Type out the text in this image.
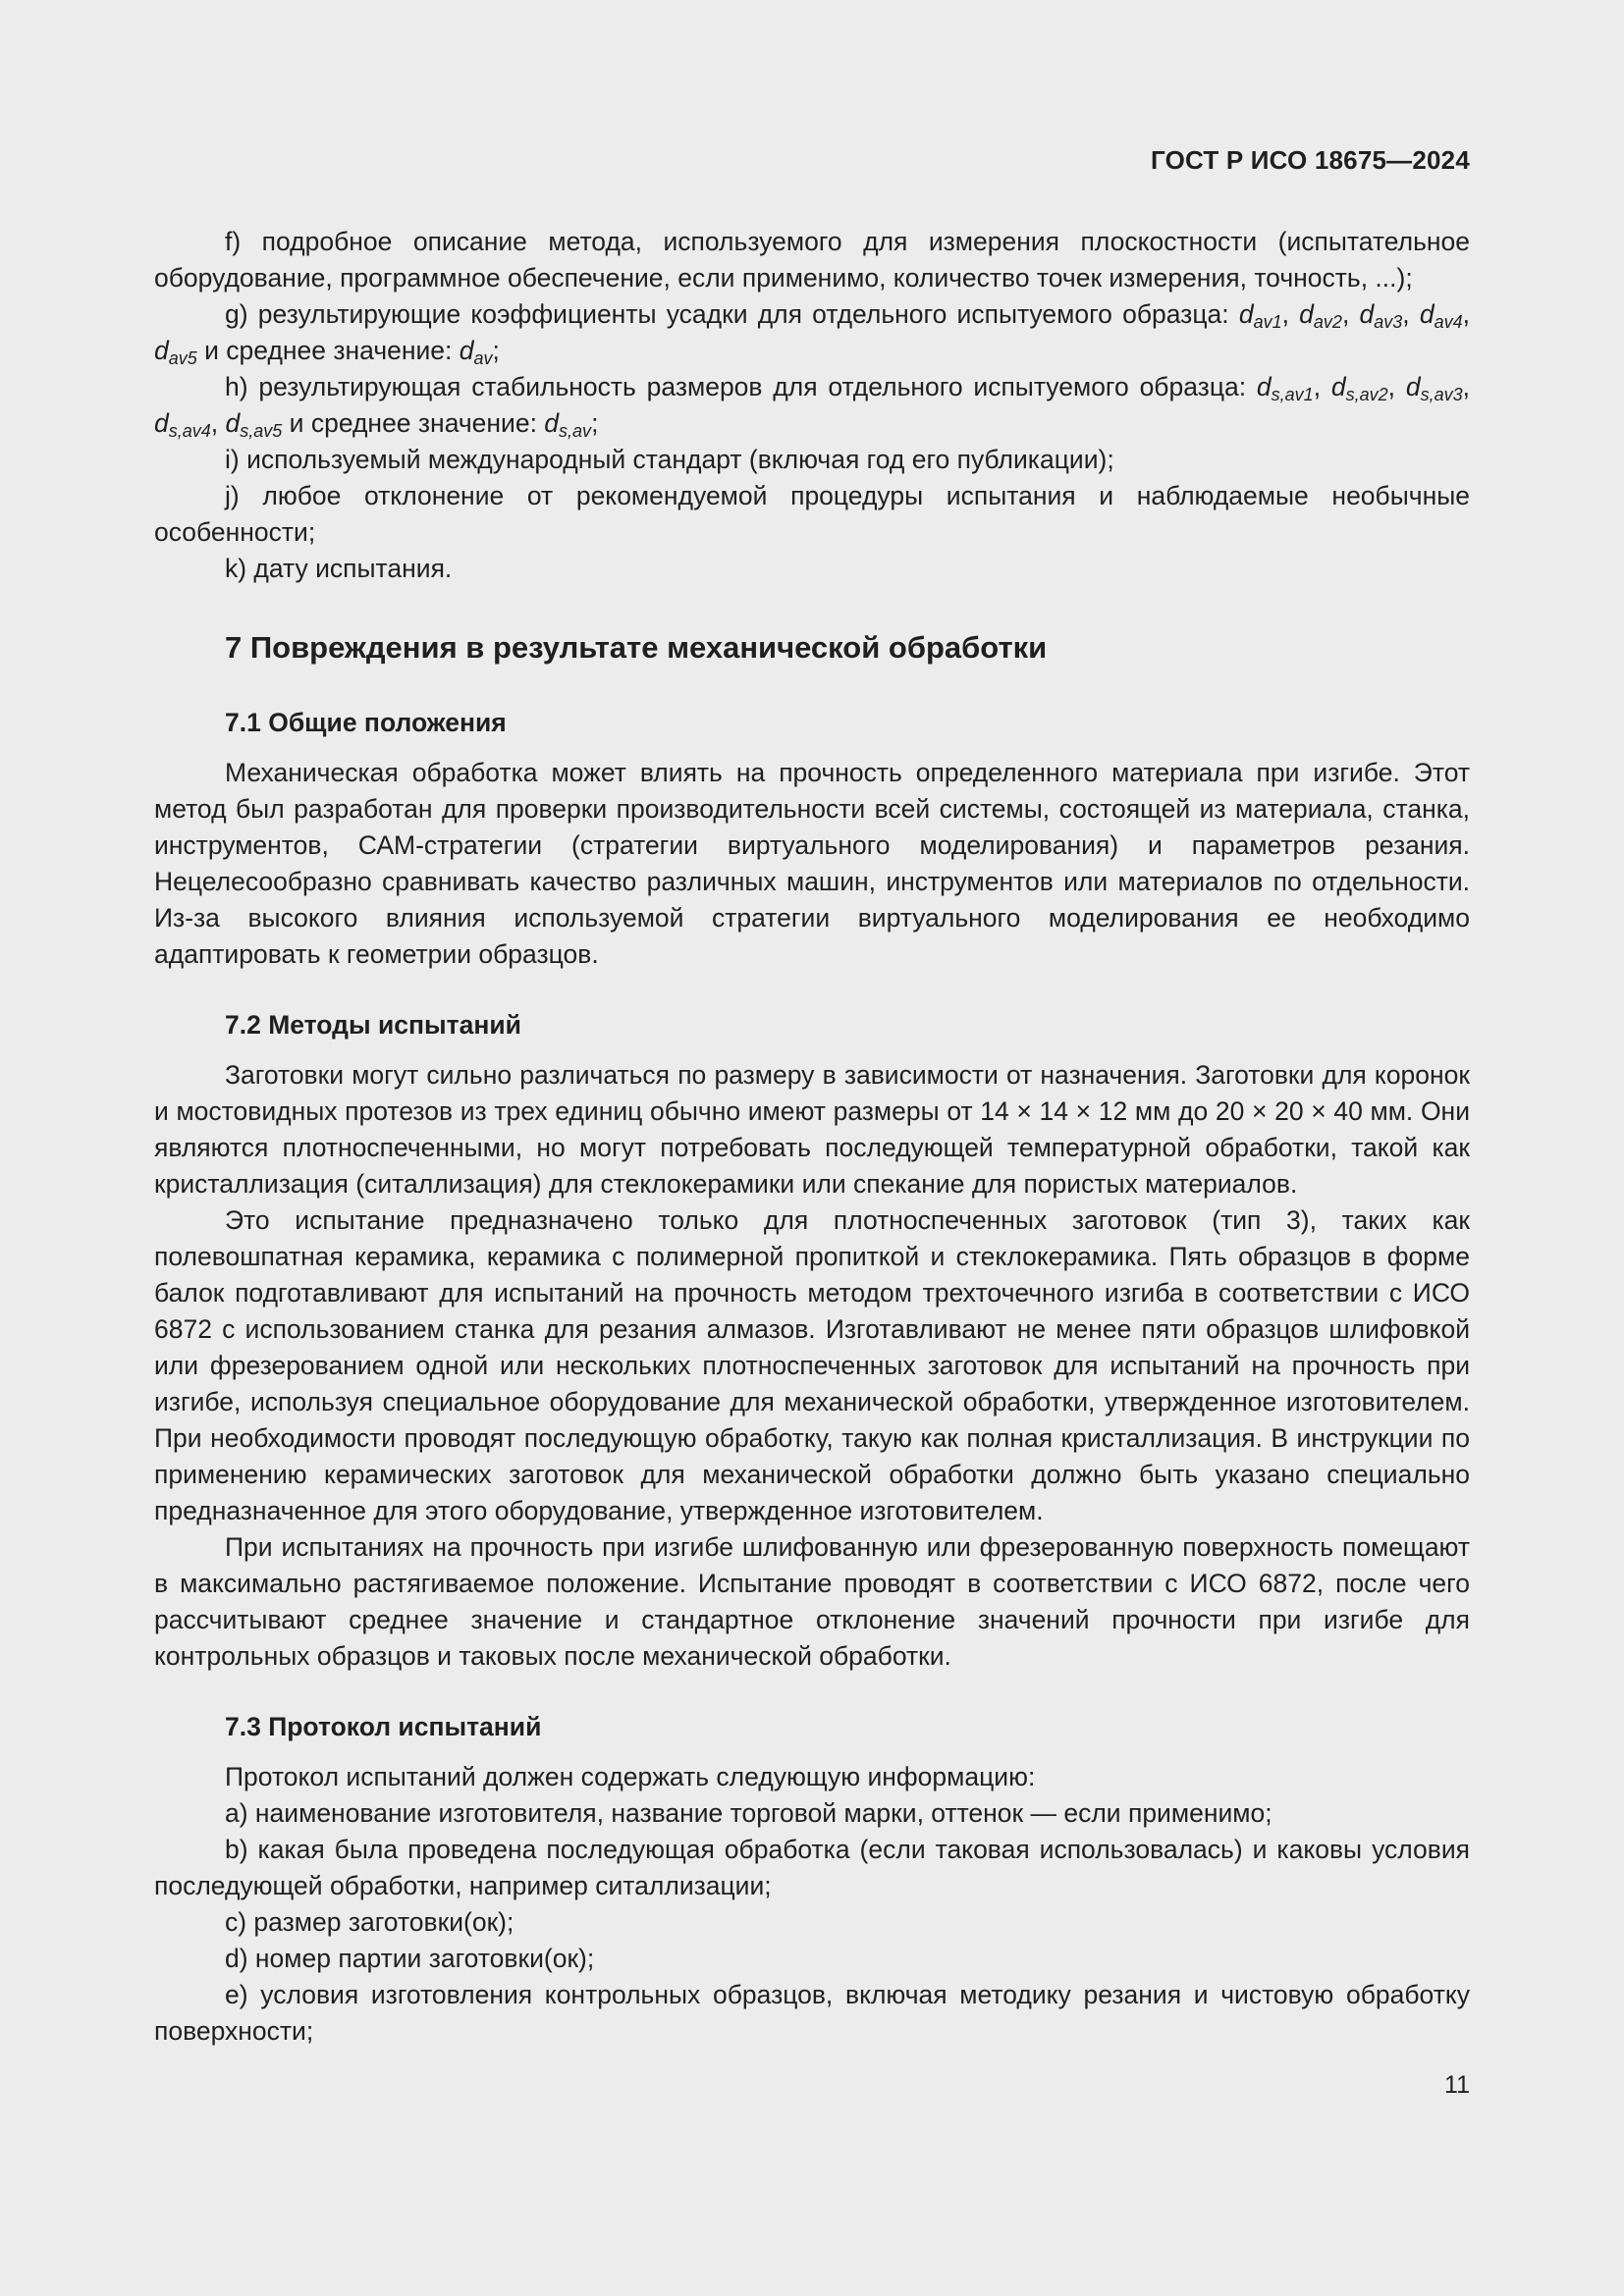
ГОСТ Р ИСО 18675—2024

f) подробное описание метода, используемого для измерения плоскостности (испытательное оборудование, программное обеспечение, если применимо, количество точек измерения, точность, ...);

g) результирующие коэффициенты усадки для отдельного испытуемого образца: $d_{av1}$, $d_{av2}$, $d_{av3}$, $d_{av4}$, $d_{av5}$ и среднее значение: $d_{av}$;

h) результирующая стабильность размеров для отдельного испытуемого образца: $d_{s,av1}$, $d_{s,av2}$, $d_{s,av3}$, $d_{s,av4}$, $d_{s,av5}$ и среднее значение: $d_{s,av}$;

i) используемый международный стандарт (включая год его публикации);

j) любое отклонение от рекомендуемой процедуры испытания и наблюдаемые необычные особенности;

k) дату испытания.

7 Повреждения в результате механической обработки
7.1 Общие положения

Механическая обработка может влиять на прочность определенного материала при изгибе. Этот метод был разработан для проверки производительности всей системы, состоящей из материала, станка, инструментов, САМ-стратегии (стратегии виртуального моделирования) и параметров резания. Нецелесообразно сравнивать качество различных машин, инструментов или материалов по отдельности. Из-за высокого влияния используемой стратегии виртуального моделирования ее необходимо адаптировать к геометрии образцов.

7.2 Методы испытаний

Заготовки могут сильно различаться по размеру в зависимости от назначения. Заготовки для коронок и мостовидных протезов из трех единиц обычно имеют размеры от 14 × 14 × 12 мм до 20 × 20 × 40 мм. Они являются плотноспеченными, но могут потребовать последующей температурной обработки, такой как кристаллизация (ситаллизация) для стеклокерамики или спекание для пористых материалов.

Это испытание предназначено только для плотноспеченных заготовок (тип 3), таких как полевошпатная керамика, керамика с полимерной пропиткой и стеклокерамика. Пять образцов в форме балок подготавливают для испытаний на прочность методом трехточечного изгиба в соответствии с ИСО 6872 с использованием станка для резания алмазов. Изготавливают не менее пяти образцов шлифовкой или фрезерованием одной или нескольких плотноспеченных заготовок для испытаний на прочность при изгибе, используя специальное оборудование для механической обработки, утвержденное изготовителем. При необходимости проводят последующую обработку, такую как полная кристаллизация. В инструкции по применению керамических заготовок для механической обработки должно быть указано специально предназначенное для этого оборудование, утвержденное изготовителем.

При испытаниях на прочность при изгибе шлифованную или фрезерованную поверхность помещают в максимально растягиваемое положение. Испытание проводят в соответствии с ИСО 6872, после чего рассчитывают среднее значение и стандартное отклонение значений прочности при изгибе для контрольных образцов и таковых после механической обработки.

7.3 Протокол испытаний

Протокол испытаний должен содержать следующую информацию:

a) наименование изготовителя, название торговой марки, оттенок — если применимо;

b) какая была проведена последующая обработка (если таковая использовалась) и каковы условия последующей обработки, например ситаллизации;

c) размер заготовки(ок);

d) номер партии заготовки(ок);

e) условия изготовления контрольных образцов, включая методику резания и чистовую обработку поверхности;

11
